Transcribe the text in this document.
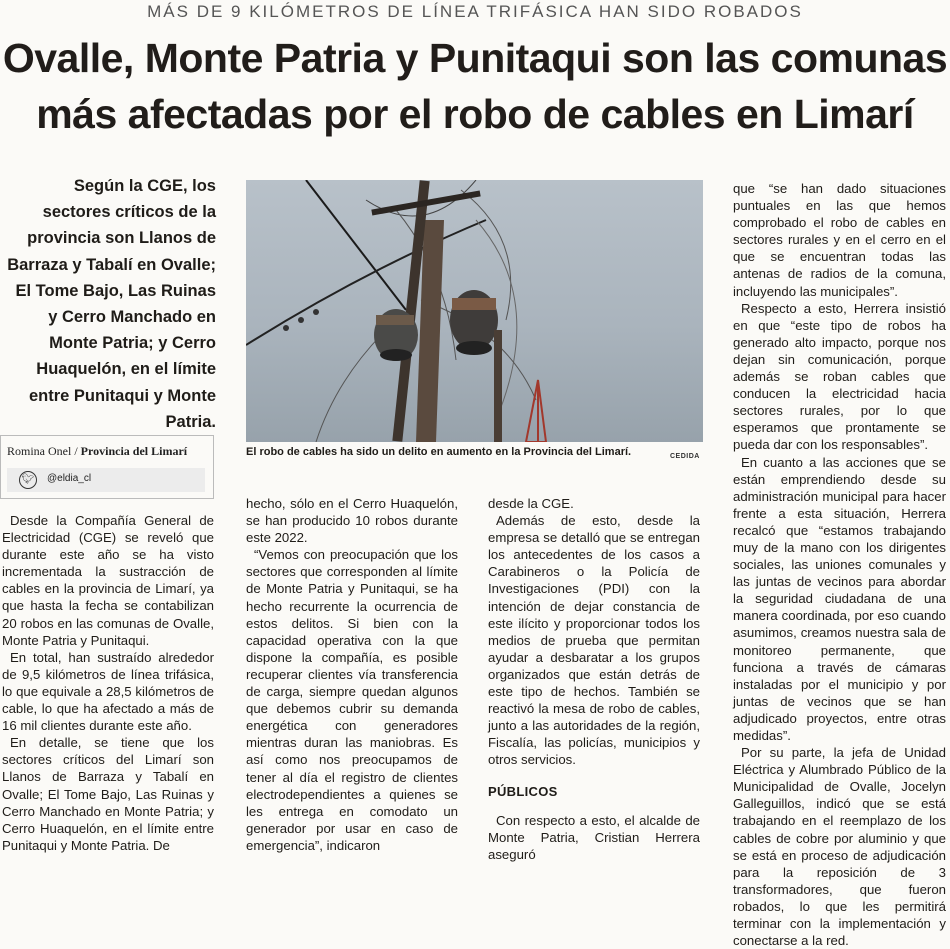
MÁS DE 9 KILÓMETROS DE LÍNEA TRIFÁSICA HAN SIDO ROBADOS
Ovalle, Monte Patria y Punitaqui son las comunas
más afectadas por el robo de cables en Limarí
Según la CGE, los sectores críticos de la provincia son Llanos de Barraza y Tabalí en Ovalle; El Tome Bajo, Las Ruinas y Cerro Manchado en Monte Patria; y Cerro Huaquelón, en el límite entre Punitaqui y Monte Patria.
Romina Onel / Provincia del Limarí
🐦︎ @eldia_cl
El robo de cables ha sido un delito en aumento en la Provincia del Limarí.	CEDIDA

Desde la Compañía General de Electricidad (CGE) se reveló que durante este año se ha visto incrementada la sustracción de cables en la provincia de Limarí, ya que hasta la fecha se contabilizan 20 robos en las comunas de Ovalle, Monte Patria y Punitaqui.

En total, han sustraído alrededor de 9,5 kilómetros de línea trifásica, lo que equivale a 28,5 kilómetros de cable, lo que ha afectado a más de 16 mil clientes durante este año.

En detalle, se tiene que los sectores críticos del Limarí son Llanos de Barraza y Tabalí en Ovalle; El Tome Bajo, Las Ruinas y Cerro Manchado en Monte Patria; y Cerro Huaquelón, en el límite entre Punitaqui y Monte Patria. De

hecho, sólo en el Cerro Huaquelón, se han producido 10 robos durante este 2022.

“Vemos con preocupación que los sectores que corresponden al límite de Monte Patria y Punitaqui, se ha hecho recurrente la ocurrencia de estos delitos. Si bien con la capacidad operativa con la que dispone la compañía, es posible recuperar clientes vía transferencia de carga, siempre quedan algunos que debemos cubrir su demanda energética con generadores mientras duran las maniobras. Es así como nos preocupamos de tener al día el registro de clientes electrodependientes a quienes se les entrega en comodato un generador por usar en caso de emergencia”, indicaron

desde la CGE.

Además de esto, desde la empresa se detalló que se entregan los antecedentes de los casos a Carabineros o la Policía de Investigaciones (PDI) con la intención de dejar constancia de este ilícito y proporcionar todos los medios de prueba que permitan ayudar a desbaratar a los grupos organizados que están detrás de este tipo de hechos. También se reactivó la mesa de robo de cables, junto a las autoridades de la región, Fiscalía, las policías, municipios y otros servicios.

PÚBLICOS

Con respecto a esto, el alcalde de Monte Patria, Cristian Herrera aseguró

que “se han dado situaciones puntuales en las que hemos comprobado el robo de cables en sectores rurales y en el cerro en el que se encuentran todas las antenas de radios de la comuna, incluyendo las municipales”.

Respecto a esto, Herrera insistió en que “este tipo de robos ha generado alto impacto, porque nos dejan sin comunicación, porque además se roban cables que conducen la electricidad hacia sectores rurales, por lo que esperamos que prontamente se pueda dar con los responsables”.

En cuanto a las acciones que se están emprendiendo desde su administración municipal para hacer frente a esta situación, Herrera recalcó que “estamos trabajando muy de la mano con los dirigentes sociales, las uniones comunales y las juntas de vecinos para abordar la seguridad ciudadana de una manera coordinada, por eso cuando asumimos, creamos nuestra sala de monitoreo permanente, que funciona a través de cámaras instaladas por el municipio y por juntas de vecinos que se han adjudicado proyectos, entre otras medidas”.

Por su parte, la jefa de Unidad Eléctrica y Alumbrado Público de la Municipalidad de Ovalle, Jocelyn Galleguillos, indicó que se está trabajando en el reemplazo de los cables de cobre por aluminio y que se está en proceso de adjudicación para la reposición de 3 transformadores, que fueron robados, lo que les permitirá terminar con la implementación y conectarse a la red.
